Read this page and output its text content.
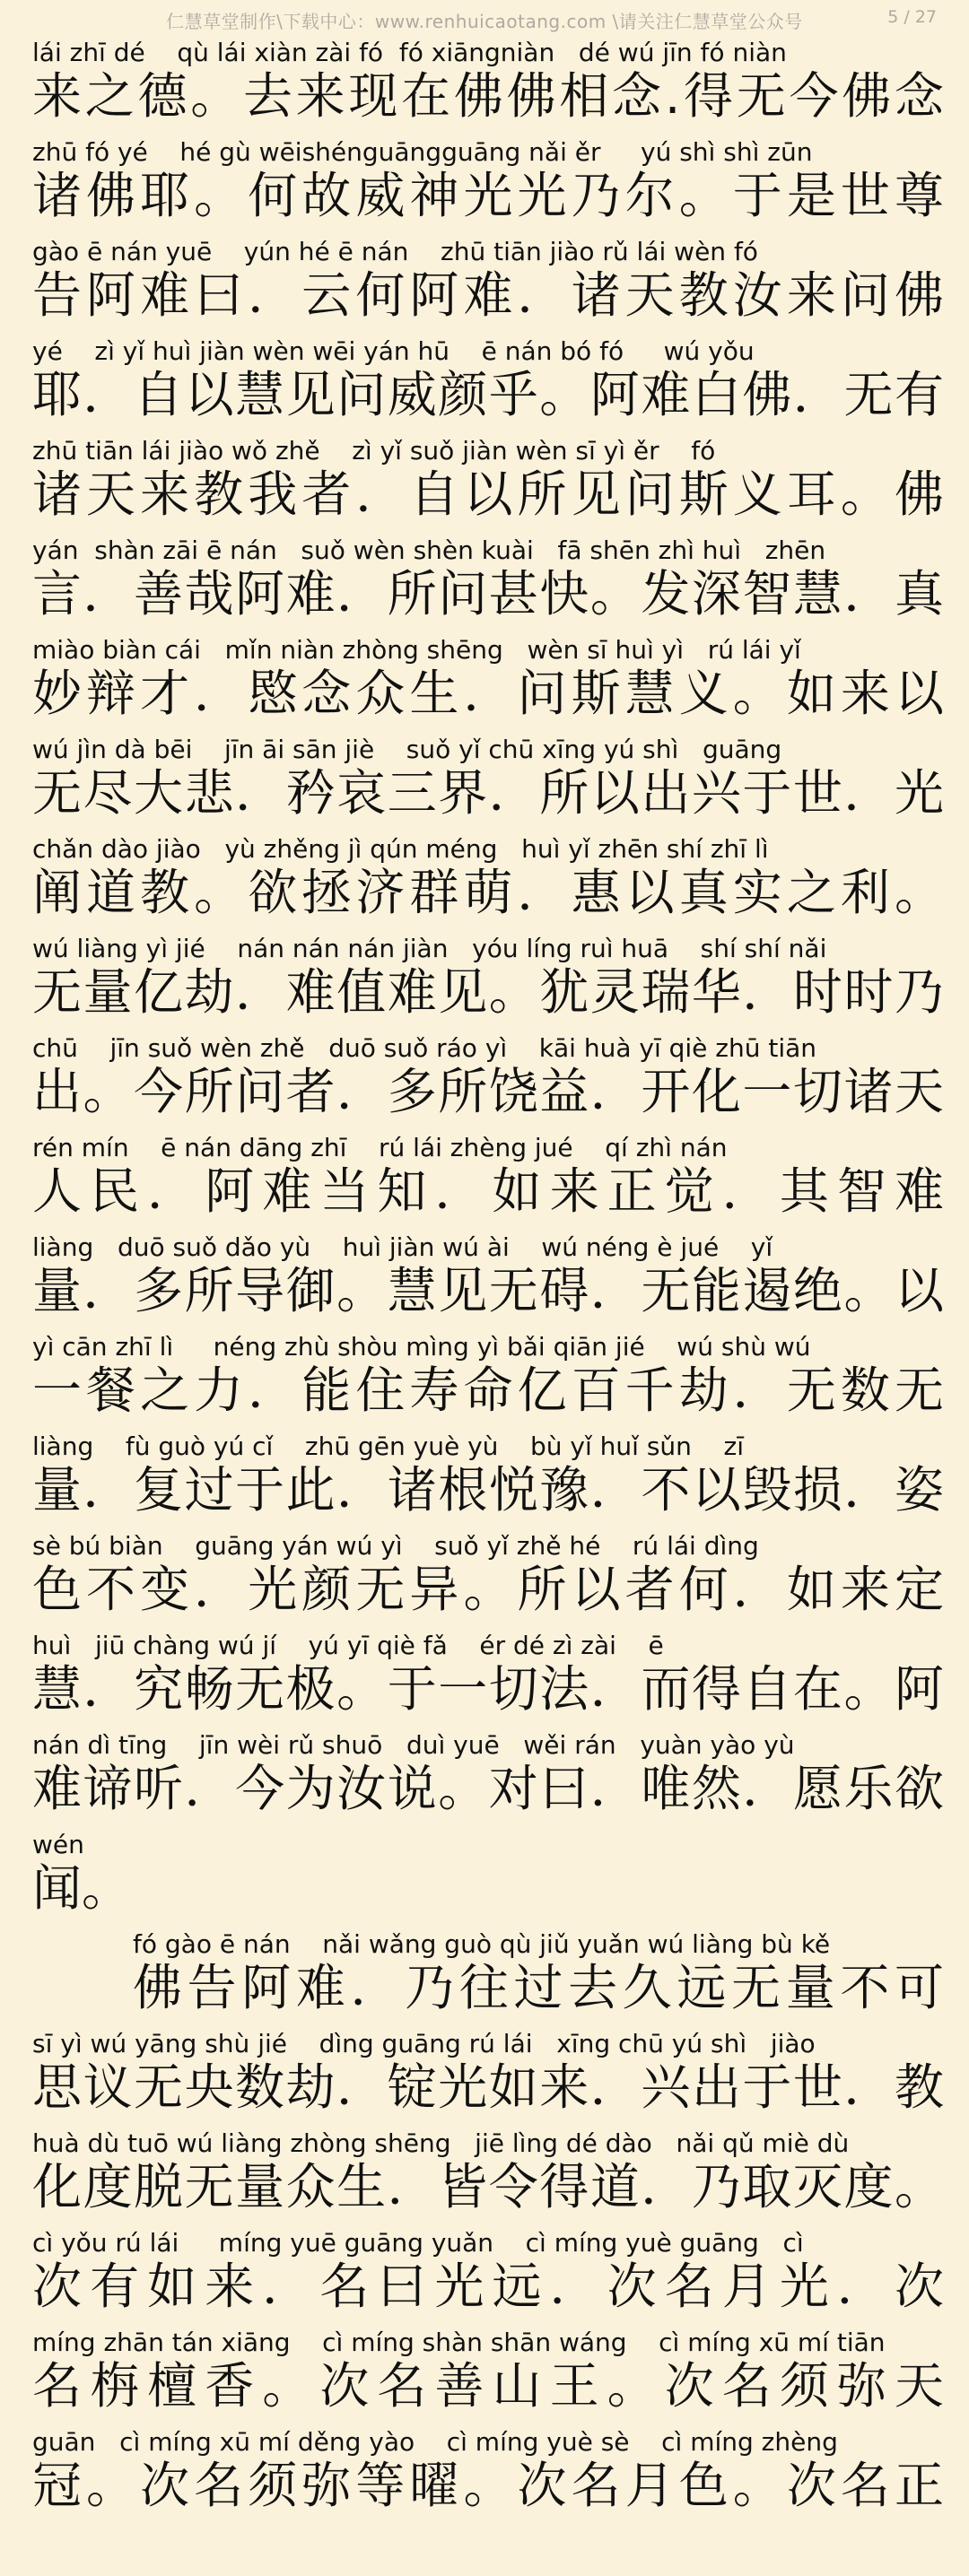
仁慧草堂制作\下载中心：www.renhuicaotang.com \请关注仁慧草堂公众号	5 / 27
lái zhī dé    qù lái xiàn zài fó  fó xiāngniàn   dé wú jīn fó niàn
来之德。去来现在佛佛相念.得无今佛念
zhū fó yé    hé gù wēishénguāngguāng nǎi ěr     yú shì shì zūn
诸佛耶。何故威神光光乃尔。于是世尊
gào ē nán yuē    yún hé ē nán    zhū tiān jiào rǔ lái wèn fó
告阿难曰．云何阿难．诸天教汝来问佛
yé    zì yǐ huì jiàn wèn wēi yán hū    ē nán bó fó     wú yǒu
耶．自以慧见问威颜乎。阿难白佛．无有
zhū tiān lái jiào wǒ zhě    zì yǐ suǒ jiàn wèn sī yì ěr    fó
诸天来教我者．自以所见问斯义耳。佛
yán  shàn zāi ē nán   suǒ wèn shèn kuài   fā shēn zhì huì   zhēn
言．善哉阿难．所问甚快。发深智慧．真
miào biàn cái   mǐn niàn zhòng shēng   wèn sī huì yì   rú lái yǐ
妙辩才．愍念众生．问斯慧义。如来以
wú jìn dà bēi    jīn āi sān jiè    suǒ yǐ chū xīng yú shì   guāng
无尽大悲．矜哀三界．所以出兴于世．光
chǎn dào jiào   yù zhěng jì qún méng   huì yǐ zhēn shí zhī lì
阐道教。欲拯济群萌．惠以真实之利。
wú liàng yì jié    nán nán nán jiàn   yóu líng ruì huā    shí shí nǎi
无量亿劫．难值难见。犹灵瑞华．时时乃
chū    jīn suǒ wèn zhě   duō suǒ ráo yì    kāi huà yī qiè zhū tiān
出。今所问者．多所饶益．开化一切诸天
rén mín    ē nán dāng zhī    rú lái zhèng jué    qí zhì nán
人民．阿难当知．如来正觉．其智难
liàng   duō suǒ dǎo yù    huì jiàn wú ài    wú néng è jué    yǐ
量．多所导御。慧见无碍．无能遏绝。以
yì cān zhī lì     néng zhù shòu mìng yì bǎi qiān jié    wú shù wú
一餐之力．能住寿命亿百千劫．无数无
liàng    fù guò yú cǐ    zhū gēn yuè yù    bù yǐ huǐ sǔn    zī
量．复过于此．诸根悦豫．不以毁损．姿
sè bú biàn    guāng yán wú yì    suǒ yǐ zhě hé    rú lái dìng
色不变．光颜无异。所以者何．如来定
huì   jiū chàng wú jí    yú yī qiè fǎ    ér dé zì zài    ē
慧．究畅无极。于一切法．而得自在。阿
nán dì tīng    jīn wèi rǔ shuō   duì yuē   wěi rán   yuàn yào yù
难谛听．今为汝说。对曰．唯然．愿乐欲
wén
闻。
fó gào ē nán    nǎi wǎng guò qù jiǔ yuǎn wú liàng bù kě
佛告阿难．乃往过去久远无量不可
sī yì wú yāng shù jié    dìng guāng rú lái   xīng chū yú shì   jiào
思议无央数劫．锭光如来．兴出于世．教
huà dù tuō wú liàng zhòng shēng   jiē lìng dé dào   nǎi qǔ miè dù
化度脱无量众生．皆令得道．乃取灭度。
cì yǒu rú lái     míng yuē guāng yuǎn    cì míng yuè guāng   cì
次有如来．名曰光远．次名月光．次
míng zhān tán xiāng    cì míng shàn shān wáng    cì míng xū mí tiān
名栴檀香。次名善山王。次名须弥天
guān   cì míng xū mí děng yào    cì míng yuè sè    cì míng zhèng
冠。次名须弥等曜。次名月色。次名正
